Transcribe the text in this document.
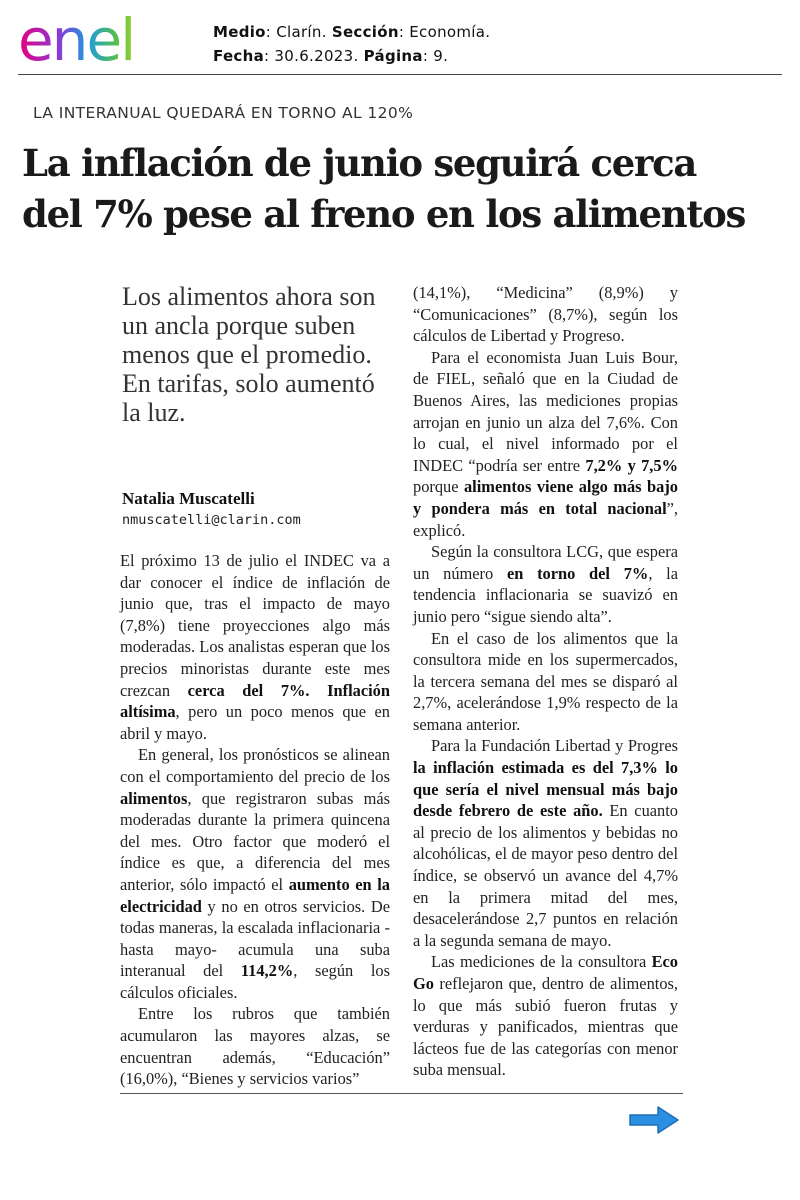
enel	Medio: Clarín. Sección: Economía.
Fecha: 30.6.2023. Página: 9.
LA INTERANUAL QUEDARÁ EN TORNO AL 120%
La inflación de junio seguirá cerca
del 7% pese al freno en los alimentos
Los alimentos ahora son un ancla porque suben menos que el promedio. En tarifas, solo aumentó la luz.
Natalia Muscatelli
nmuscatelli@clarin.com

El próximo 13 de julio el INDEC va a dar conocer el índice de inflación de junio que, tras el impacto de mayo (7,8%) tiene proyecciones algo más moderadas. Los analistas esperan que los precios minoristas durante este mes crezcan cerca del 7%. Inflación altísima, pero un poco menos que en abril y mayo.

En general, los pronósticos se alinean con el comportamiento del precio de los alimentos, que registraron subas más moderadas durante la primera quincena del mes. Otro factor que moderó el índice es que, a diferencia del mes anterior, sólo impactó el aumento en la electricidad y no en otros servicios. De todas maneras, la escalada inflacionaria -hasta mayo- acumula una suba interanual del 114,2%, según los cálculos oficiales.

Entre los rubros que también acumularon las mayores alzas, se encuentran además, “Educación” (16,0%), “Bienes y servicios varios”

(14,1%), “Medicina” (8,9%) y “Comunicaciones” (8,7%), según los cálculos de Libertad y Progreso.

Para el economista Juan Luis Bour, de FIEL, señaló que en la Ciudad de Buenos Aires, las mediciones propias arrojan en junio un alza del 7,6%. Con lo cual, el nivel informado por el INDEC “podría ser entre 7,2% y 7,5% porque alimentos viene algo más bajo y pondera más en total nacional”, explicó.

Según la consultora LCG, que espera un número en torno del 7%, la tendencia inflacionaria se suavizó en junio pero “sigue siendo alta”.

En el caso de los alimentos que la consultora mide en los supermercados, la tercera semana del mes se disparó al 2,7%, acelerándose 1,9% respecto de la semana anterior.

Para la Fundación Libertad y Progres la inflación estimada es del 7,3% lo que sería el nivel mensual más bajo desde febrero de este año. En cuanto al precio de los alimentos y bebidas no alcohólicas, el de mayor peso dentro del índice, se observó un avance del 4,7% en la primera mitad del mes, desacelerándose 2,7 puntos en relación a la segunda semana de mayo.

Las mediciones de la consultora Eco Go reflejaron que, dentro de alimentos, lo que más subió fueron frutas y verduras y panificados, mientras que lácteos fue de las categorías con menor suba mensual.
